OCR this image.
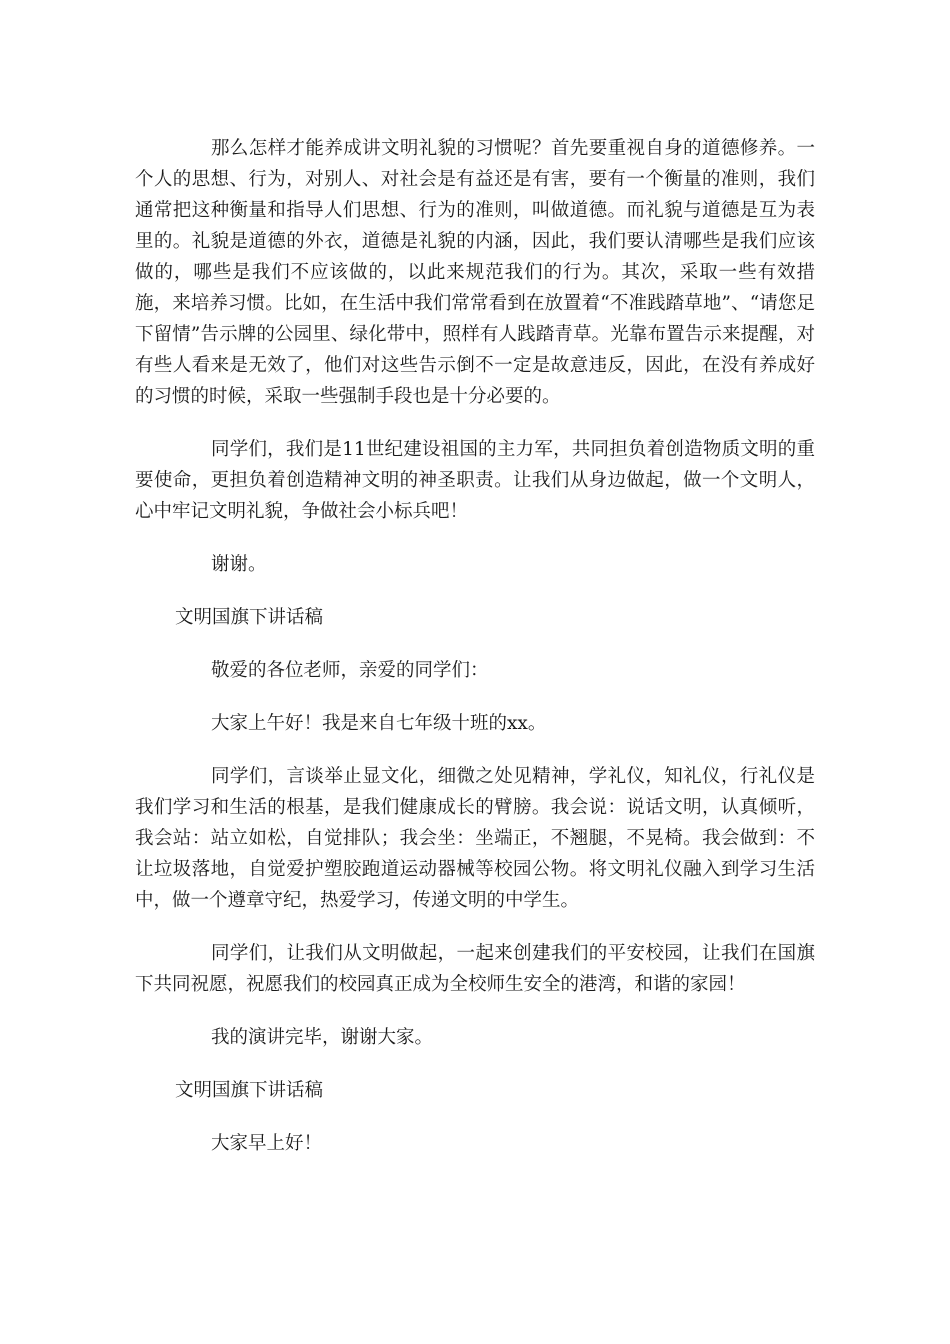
那么怎样才能养成讲文明礼貌的习惯呢？首先要重视自身的道德修养。一个人的思想、行为，对别人、对社会是有益还是有害，要有一个衡量的准则，我们通常把这种衡量和指导人们思想、行为的准则，叫做道德。而礼貌与道德是互为表里的。礼貌是道德的外衣，道德是礼貌的内涵，因此，我们要认清哪些是我们应该做的，哪些是我们不应该做的，以此来规范我们的行为。其次，采取一些有效措施，来培养习惯。比如，在生活中我们常常看到在放置着“不准践踏草地”、“请您足下留情”告示牌的公园里、绿化带中，照样有人践踏青草。光靠布置告示来提醒，对有些人看来是无效了，他们对这些告示倒不一定是故意违反，因此，在没有养成好的习惯的时候，采取一些强制手段也是十分必要的。

同学们，我们是11世纪建设祖国的主力军，共同担负着创造物质文明的重要使命，更担负着创造精神文明的神圣职责。让我们从身边做起，做一个文明人，心中牢记文明礼貌，争做社会小标兵吧！

谢谢。

文明国旗下讲话稿

敬爱的各位老师，亲爱的同学们：

大家上午好！我是来自七年级十班的xx。

同学们，言谈举止显文化，细微之处见精神，学礼仪，知礼仪，行礼仪是我们学习和生活的根基，是我们健康成长的臂膀。我会说：说话文明，认真倾听，我会站：站立如松，自觉排队；我会坐：坐端正，不翘腿，不晃椅。我会做到：不让垃圾落地，自觉爱护塑胶跑道运动器械等校园公物。将文明礼仪融入到学习生活中，做一个遵章守纪，热爱学习，传递文明的中学生。

同学们，让我们从文明做起，一起来创建我们的平安校园，让我们在国旗下共同祝愿，祝愿我们的校园真正成为全校师生安全的港湾，和谐的家园！

我的演讲完毕，谢谢大家。

文明国旗下讲话稿

大家早上好！
